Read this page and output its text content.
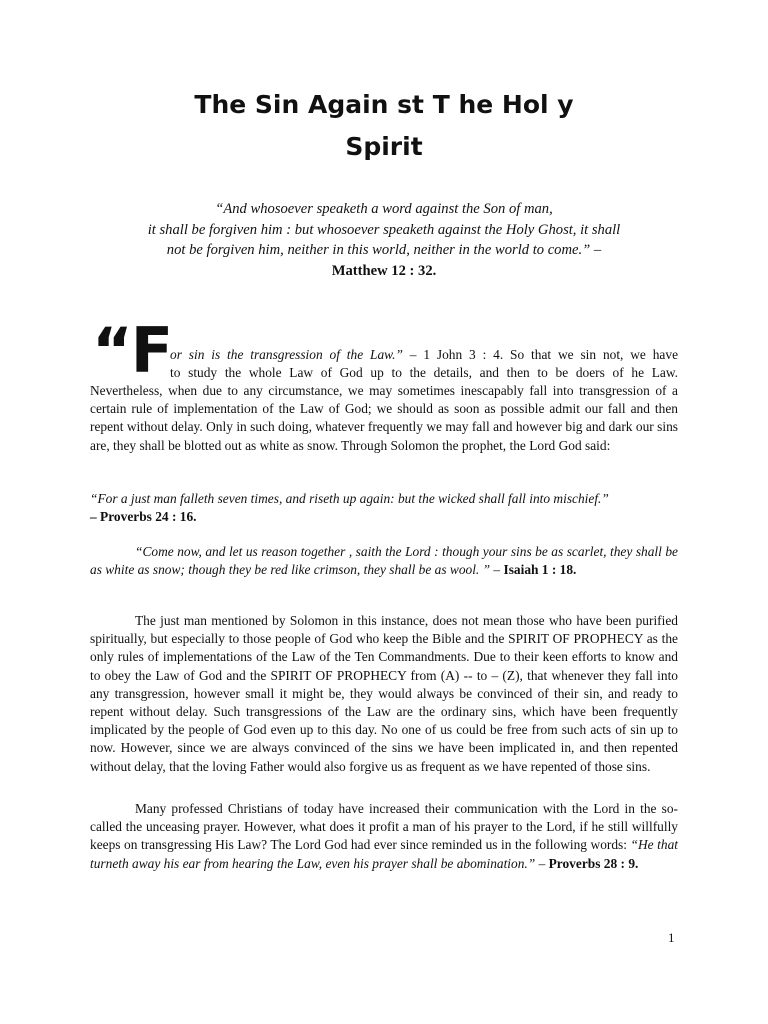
The Sin Again st T he Hol y
Spirit
“And whosoever speaketh a word against the Son of man,
it shall be forgiven him : but whosoever speaketh against the Holy Ghost, it shall
not be forgiven him, neither in this world, neither in the world to come.” –
Matthew 12 : 32.
“F
or sin is the transgression of the Law.” – 1 John 3 : 4. So that we sin not, we have
to study the whole Law of God up to the details, and then to be doers of he Law.
Nevertheless, when due to any circumstance, we may sometimes inescapably fall into transgression of a certain rule of implementation of the Law of God; we should as soon as possible admit our fall and then repent without delay. Only in such doing, whatever frequently we may fall and however big and dark our sins are, they shall be blotted out as white as snow. Through Solomon the prophet, the Lord God said:
“For a just man falleth seven times, and riseth up again: but the wicked shall fall into mischief.”
– Proverbs 24 : 16.
“Come now, and let us reason together , saith the Lord : though your sins be as scarlet, they shall be as white as snow; though they be red like crimson, they shall be as wool. ” – Isaiah 1 : 18.
The just man mentioned by Solomon in this instance, does not mean those who have been purified spiritually, but especially to those people of God who keep the Bible and the SPIRIT OF PROPHECY as the only rules of implementations of the Law of the Ten Commandments. Due to their keen efforts to know and to obey the Law of God and the SPIRIT OF PROPHECY from (A) -- to – (Z), that whenever they fall into any transgression, however small it might be, they would always be convinced of their sin, and ready to repent without delay. Such transgressions of the Law are the ordinary sins, which have been frequently implicated by the people of God even up to this day. No one of us could be free from such acts of sin up to now. However, since we are always convinced of the sins we have been implicated in, and then repented without delay, that the loving Father would also forgive us as frequent as we have repented of those sins.
Many professed Christians of today have increased their communication with the Lord in the so-called the unceasing prayer. However, what does it profit a man of his prayer to the Lord, if he still willfully keeps on transgressing His Law? The Lord God had ever since reminded us in the following words: “He that turneth away his ear from hearing the Law, even his prayer shall be abomination.” – Proverbs 28 : 9.
1
